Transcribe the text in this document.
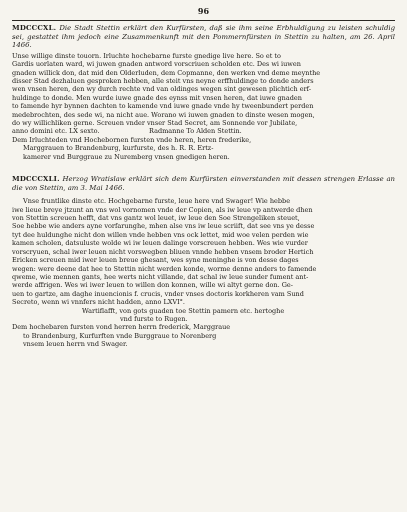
96

MDCCCXL. Die Stadt Stettin erklärt den Kurfürsten, daß sie ihm seine Erbhuldigung zu leisten schuldig sei, gestattet ihm jedoch eine Zusammenkunft mit den Pommernfürsten in Stettin zu halten, am 26. April 1466.

Unse willige dinste touorn. Irluchte hochebarne furste gnedige live here. So et to
Gardis uorlaten ward, wi juwen gnaden antword vorscriuen scholden etc. Des wi iuwen
gnaden willick don, dat mid den Olderluden, dem Copmanne, den werken vnd deme meynthe
disser Stad dezhaluen gesproken hebben, alle steit vns neyne erffhuldinge to donde anders
wen vnsen heren, den wy durch rechte vnd van oldinges wegen sint gewesen plichtich erf-
huldinge to donde. Men wurde iuwe gnade des eynss mit vnsen heren, dat iuwe gnaden
to famende hyr bynnen dachten to kamende vnd iuwe gnade vnde hy tweenbundert perden
medebrochten, des sede wi, na nicht aue. Worano wi iuwen gnaden to dinste wesen mogen,
do wy willichliken gerne. Screuen vnder vnser Stad Secret, am Sonnende vor Jubilate,
anno domini etc. LX sexto.                        Radmanne To Alden Stettin.
Dem Irluchteden vnd Hochebornen fursten vnde heren, heren frederike,
Marggrauen to Brandenburg, kurfurste, des h. R. R. Ertz-
kamerer vnd Burggraue zu Nuremberg vnsen gnedigen heren.

MDCCCXLI. Herzog Wratislaw erklärt sich dem Kurfürsten einverstanden mit dessen strengen Erlasse an die von Stettin, am 3. Mai 1466.

Vnse fruntlike dinste etc. Hochgebarne furste, leue here vnd Swager! Wie hebbe
iwe lieue breye jtzunt an vns wol vornomen vnde der Copien, als iw leue vp antwerde dhen
von Stettin screuen hefft, dat vns gantz wol leuet, iw leue den Soe Strengeliken steuet,
Soe hebbe wie anders ayne vorfarunghe, mhen alse vns iw leue scriift, dat see vns ye desse
tyt dee huldunghe nicht don willen vnde hebben vns ock lettet, mid woe velen perden wie
kamen scholen, datsuluste wolde wi iw leuen dalinge vorscreuen hebben. Wes wie vurder
vorscryuen, schal iwer leuen nicht vorswegben bliuen vnnde hebben vnsem broder Hertich
Ericken screuen mid iwer leuen breue ghesant, wes syne meninghe is von desse dages
wegen: were deene dat hee to Stettin nicht werden konde, worme denne anders to famende
qweme, wie mennen gants, hee werts nicht villande, dat schal iw leue sunder fument ant-
werde affrigen. Wes wi iwer leuen to willen don konnen, wille wi altyt gerne don. Ge-
uen to gartze, am daghe inuencionis f. crucis, vnder vnses doctoris korkheren vam Sund
Secreto, wenn wi vnnfers nicht hadden, anno LXVI°.
Wartiflafft, von gots guaden toe Stettin pamern etc. hertoghe
vnd furste to Rugen.
Dem hochebaren fursten vond herren herrn frederick, Marggraue
to Brandenburg, Kurfurften vnde Burggraue to Norenberg
vnsem leuen herrn vnd Swager.
